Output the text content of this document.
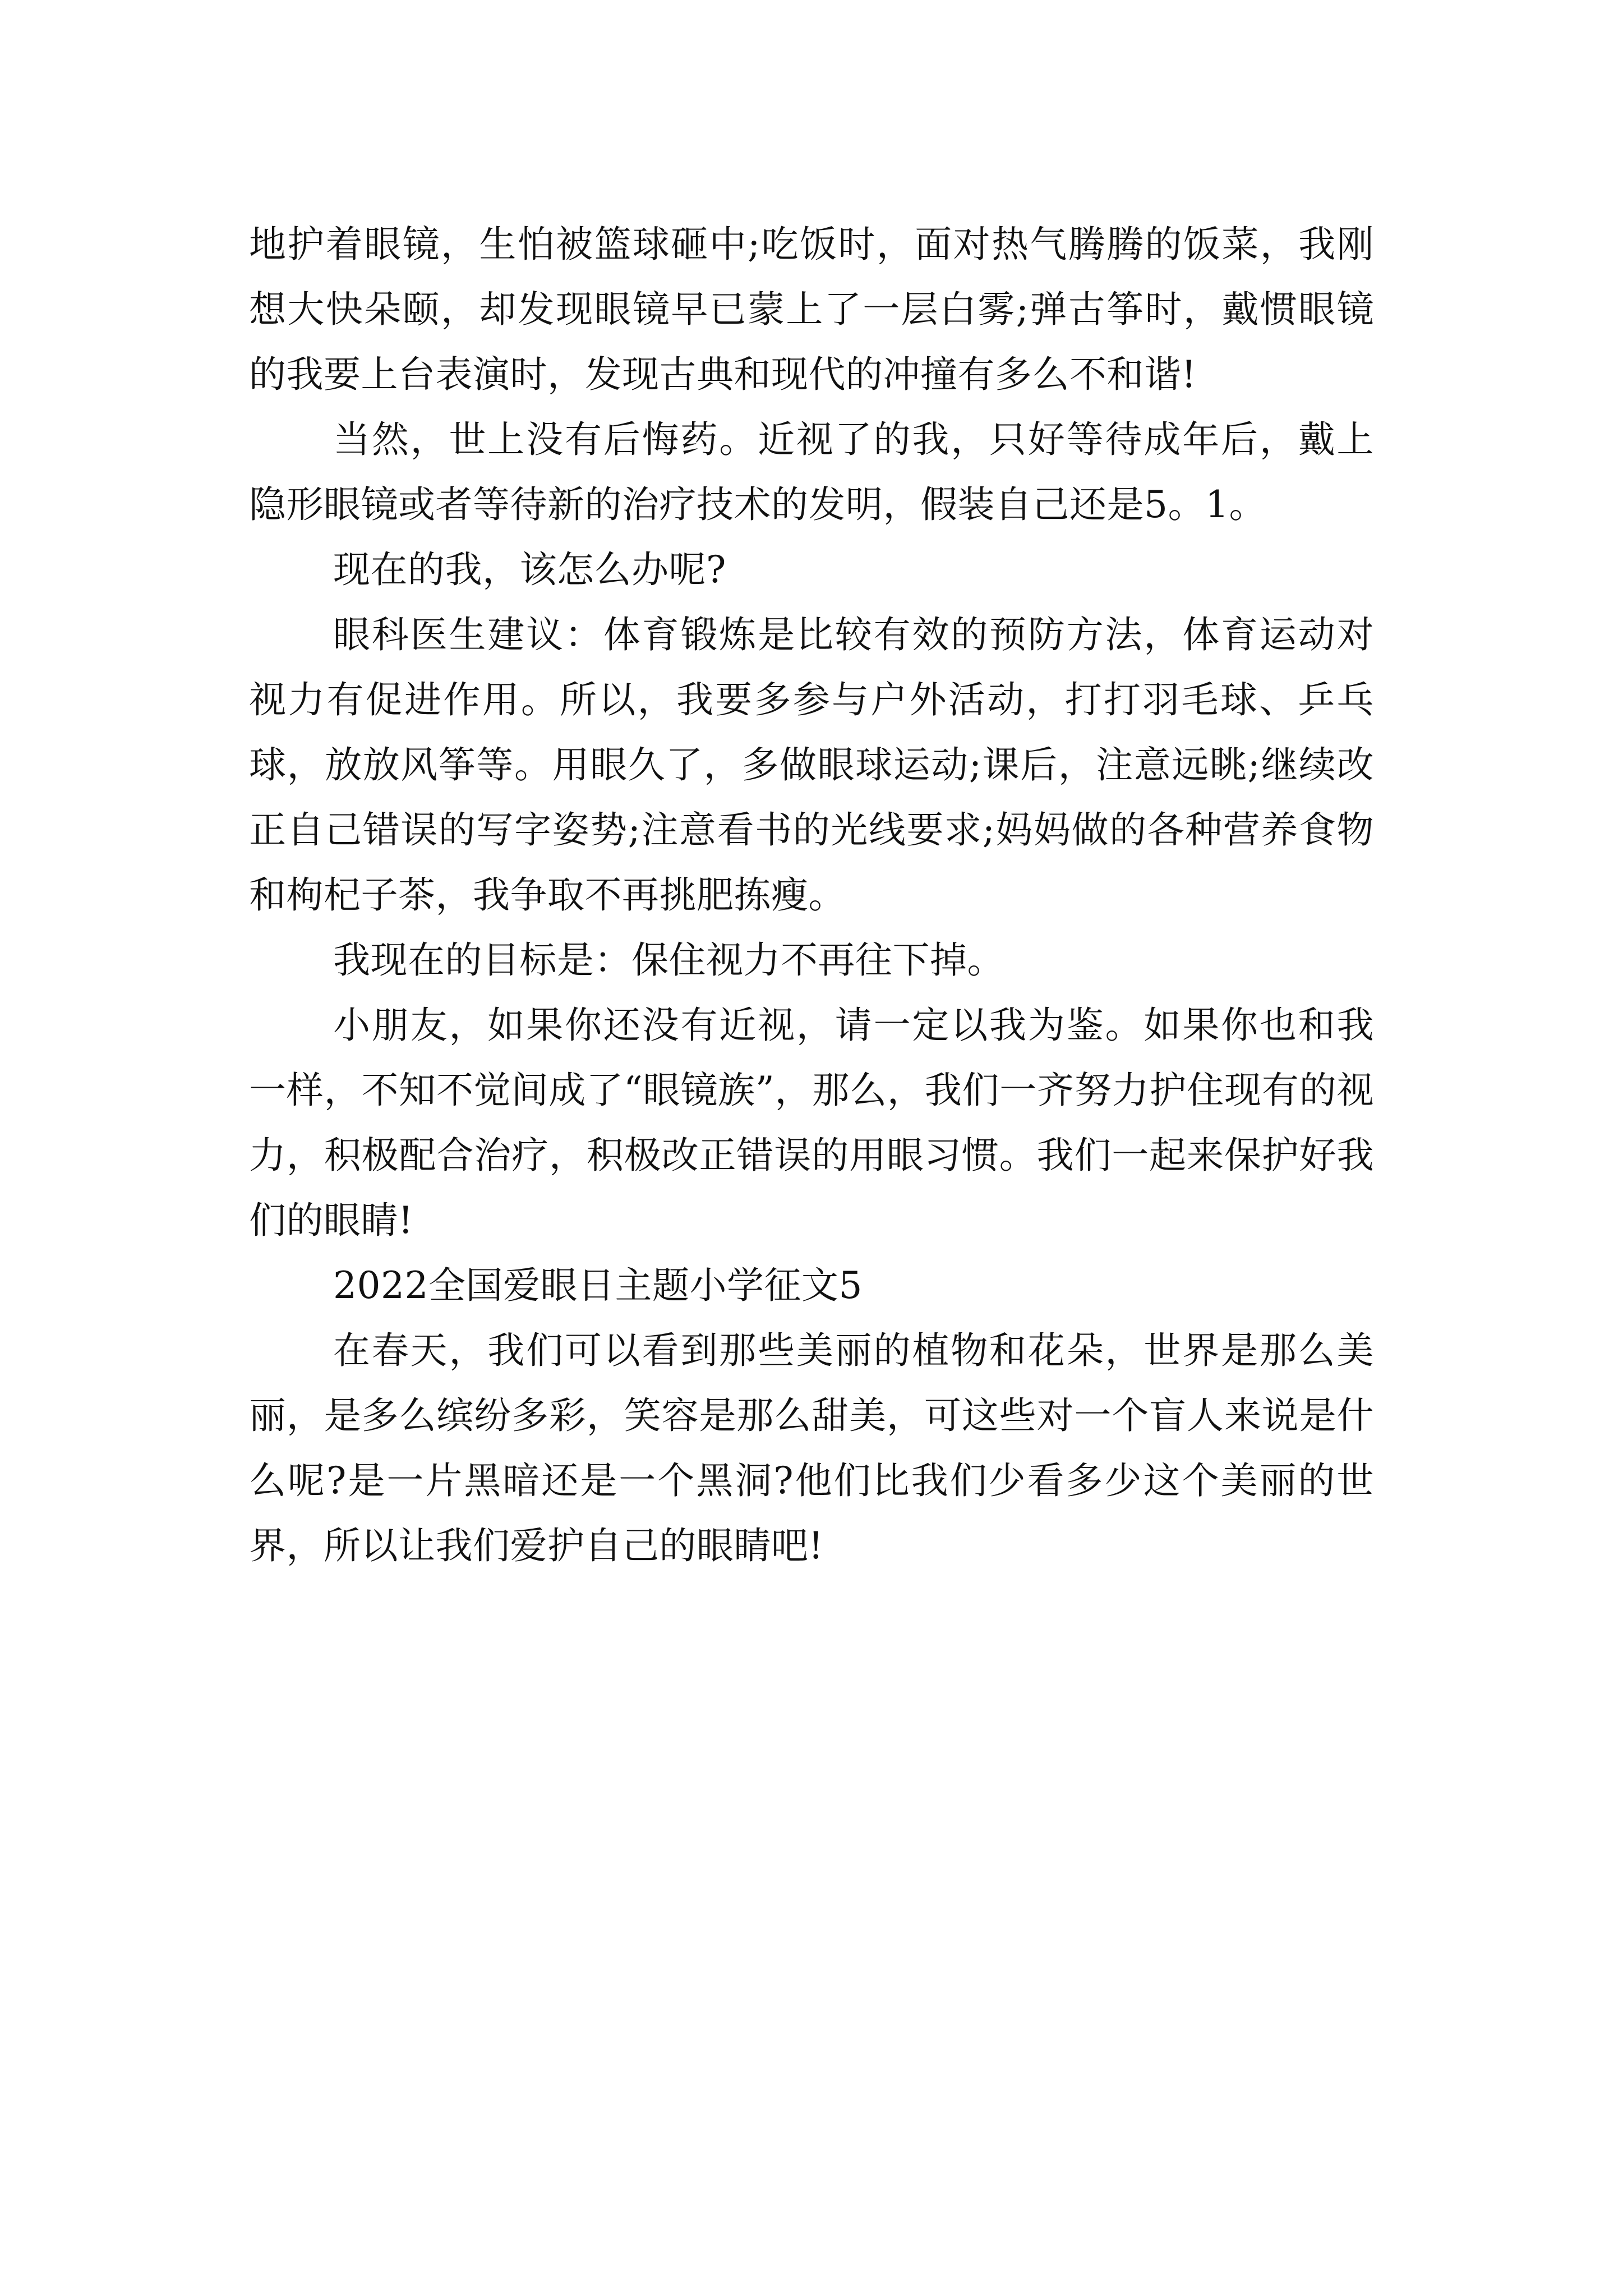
地护着眼镜，生怕被篮球砸中;吃饭时，面对热气腾腾的饭菜，我刚想大快朵颐，却发现眼镜早已蒙上了一层白雾;弹古筝时，戴惯眼镜的我要上台表演时，发现古典和现代的冲撞有多么不和谐!

当然，世上没有后悔药。近视了的我，只好等待成年后，戴上隐形眼镜或者等待新的治疗技术的发明，假装自己还是5。1。

现在的我，该怎么办呢?

眼科医生建议：体育锻炼是比较有效的预防方法，体育运动对视力有促进作用。所以，我要多参与户外活动，打打羽毛球、乒乓球，放放风筝等。用眼久了，多做眼球运动;课后，注意远眺;继续改正自己错误的写字姿势;注意看书的光线要求;妈妈做的各种营养食物和枸杞子茶，我争取不再挑肥拣瘦。

我现在的目标是：保住视力不再往下掉。

小朋友，如果你还没有近视，请一定以我为鉴。如果你也和我一样，不知不觉间成了“眼镜族”，那么，我们一齐努力护住现有的视力，积极配合治疗，积极改正错误的用眼习惯。我们一起来保护好我们的眼睛!

2022全国爱眼日主题小学征文5

在春天，我们可以看到那些美丽的植物和花朵，世界是那么美丽，是多么缤纷多彩，笑容是那么甜美，可这些对一个盲人来说是什么呢?是一片黑暗还是一个黑洞?他们比我们少看多少这个美丽的世界，所以让我们爱护自己的眼睛吧!
